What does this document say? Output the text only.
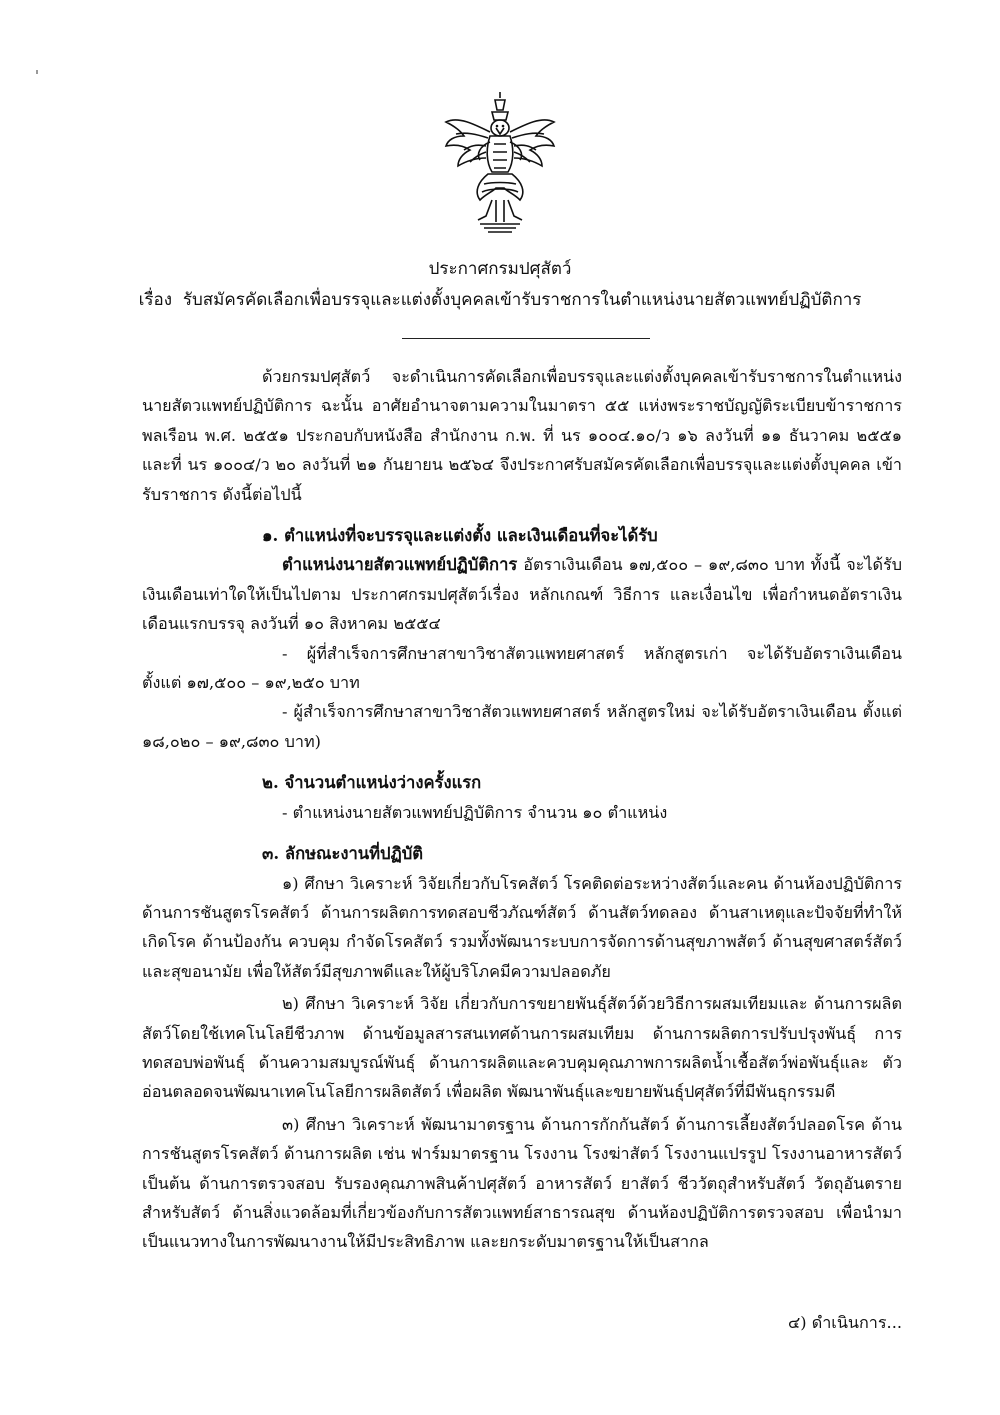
ประกาศกรมปศุสัตว์
เรื่อง รับสมัครคัดเลือกเพื่อบรรจุและแต่งตั้งบุคคลเข้ารับราชการในตำแหน่งนายสัตวแพทย์ปฏิบัติการ

ด้วยกรมปศุสัตว์ จะดำเนินการคัดเลือกเพื่อบรรจุและแต่งตั้งบุคคลเข้ารับราชการในตำแหน่ง นายสัตวแพทย์ปฏิบัติการ ฉะนั้น อาศัยอำนาจตามความในมาตรา ๕๕ แห่งพระราชบัญญัติระเบียบข้าราชการ พลเรือน พ.ศ. ๒๕๕๑ ประกอบกับหนังสือ สำนักงาน ก.พ. ที่ นร ๑๐๐๔.๑๐/ว ๑๖ ลงวันที่ ๑๑ ธันวาคม ๒๕๕๑ และที่ นร ๑๐๐๔/ว ๒๐ ลงวันที่ ๒๑ กันยายน ๒๕๖๔ จึงประกาศรับสมัครคัดเลือกเพื่อบรรจุและแต่งตั้งบุคคล เข้ารับราชการ ดังนี้ต่อไปนี้

๑. ตำแหน่งที่จะบรรจุและแต่งตั้ง และเงินเดือนที่จะได้รับ

ตำแหน่งนายสัตวแพทย์ปฏิบัติการ อัตราเงินเดือน ๑๗,๕๐๐ – ๑๙,๘๓๐ บาท ทั้งนี้ จะได้รับเงินเดือนเท่าใดให้เป็นไปตาม ประกาศกรมปศุสัตว์เรื่อง หลักเกณฑ์ วิธีการ และเงื่อนไข เพื่อกำหนดอัตราเงินเดือนแรกบรรจุ ลงวันที่ ๑๐ สิงหาคม ๒๕๕๔

- ผู้ที่สำเร็จการศึกษาสาขาวิชาสัตวแพทยศาสตร์ หลักสูตรเก่า จะได้รับอัตราเงินเดือน ตั้งแต่ ๑๗,๕๐๐ – ๑๙,๒๕๐ บาท

- ผู้สำเร็จการศึกษาสาขาวิชาสัตวแพทยศาสตร์ หลักสูตรใหม่ จะได้รับอัตราเงินเดือน ตั้งแต่ ๑๘,๐๒๐ – ๑๙,๘๓๐ บาท)

๒. จำนวนตำแหน่งว่างครั้งแรก

- ตำแหน่งนายสัตวแพทย์ปฏิบัติการ จำนวน ๑๐ ตำแหน่ง

๓. ลักษณะงานที่ปฏิบัติ

๑) ศึกษา วิเคราะห์ วิจัยเกี่ยวกับโรคสัตว์ โรคติดต่อระหว่างสัตว์และคน ด้านห้องปฏิบัติการ ด้านการชันสูตรโรคสัตว์ ด้านการผลิตการทดสอบชีวภัณฑ์สัตว์ ด้านสัตว์ทดลอง ด้านสาเหตุและปัจจัยที่ทำให้ เกิดโรค ด้านป้องกัน ควบคุม กำจัดโรคสัตว์ รวมทั้งพัฒนาระบบการจัดการด้านสุขภาพสัตว์ ด้านสุขศาสตร์สัตว์ และสุขอนามัย เพื่อให้สัตว์มีสุขภาพดีและให้ผู้บริโภคมีความปลอดภัย

๒) ศึกษา วิเคราะห์ วิจัย เกี่ยวกับการขยายพันธุ์สัตว์ด้วยวิธีการผสมเทียมและ ด้านการผลิตสัตว์โดยใช้เทคโนโลยีชีวภาพ ด้านข้อมูลสารสนเทศด้านการผสมเทียม ด้านการผลิตการปรับปรุงพันธุ์ การทดสอบพ่อพันธุ์ ด้านความสมบูรณ์พันธุ์ ด้านการผลิตและควบคุมคุณภาพการผลิตน้ำเชื้อสัตว์พ่อพันธุ์และ ตัวอ่อนตลอดจนพัฒนาเทคโนโลยีการผลิตสัตว์ เพื่อผลิต พัฒนาพันธุ์และขยายพันธุ์ปศุสัตว์ที่มีพันธุกรรมดี

๓) ศึกษา วิเคราะห์ พัฒนามาตรฐาน ด้านการกักกันสัตว์ ด้านการเลี้ยงสัตว์ปลอดโรค ด้านการชันสูตรโรคสัตว์ ด้านการผลิต เช่น ฟาร์มมาตรฐาน โรงงาน โรงฆ่าสัตว์ โรงงานแปรรูป โรงงานอาหารสัตว์ เป็นต้น ด้านการตรวจสอบ รับรองคุณภาพสินค้าปศุสัตว์ อาหารสัตว์ ยาสัตว์ ชีววัตถุสำหรับสัตว์ วัตถุอันตราย สำหรับสัตว์ ด้านสิ่งแวดล้อมที่เกี่ยวข้องกับการสัตวแพทย์สาธารณสุข ด้านห้องปฏิบัติการตรวจสอบ เพื่อนำมาเป็นแนวทางในการพัฒนางานให้มีประสิทธิภาพ และยกระดับมาตรฐานให้เป็นสากล

๔) ดำเนินการ...
